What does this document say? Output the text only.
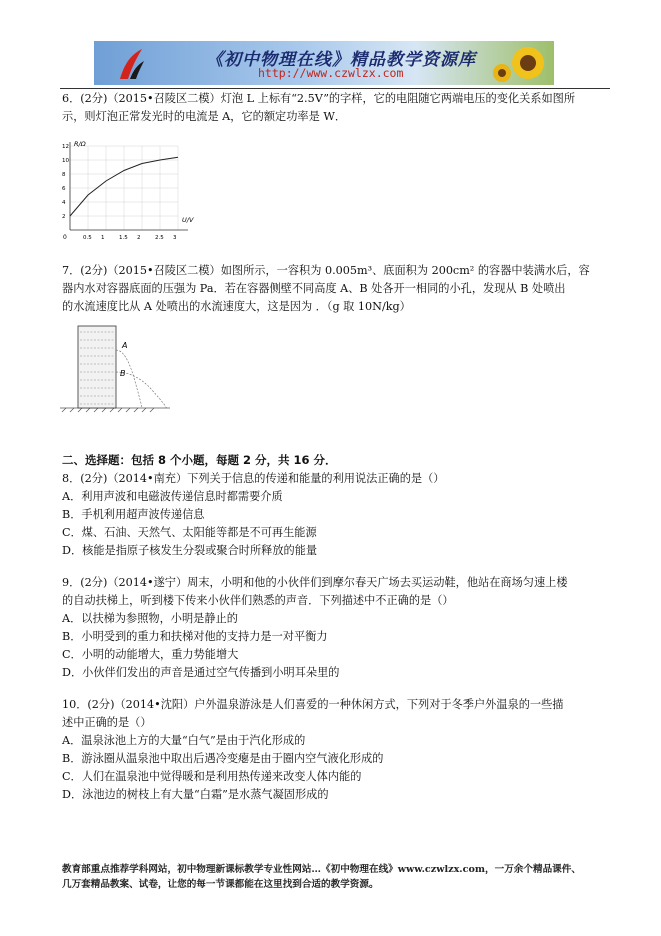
《初中物理在线》精品教学资源库
http://www.czwlzx.com

6．(2分)（2015•召陵区二模）灯泡 L 上标有“2.5V”的字样，它的电阻随它两端电压的变化关系如图所

示，则灯泡正常发光时的电流是 A，它的额定功率是 W．

0.5 1	1.5 2	2.5 3
2
4
6
8
10
12
0
U/V
R/Ω

7．(2分)（2015•召陵区二模）如图所示，一容积为 0.005m³、底面积为 200cm² 的容器中装满水后，容

器内水对容器底面的压强为 Pa．若在容器侧壁不同高度 A、B 处各开一相同的小孔，发现从 B 处喷出

的水流速度比从 A 处喷出的水流速度大，这是因为 ．（g 取 10N/kg）

A
B
二、选择题：包括 8 个小题，每题 2 分，共 16 分．

8．(2分)（2014•南充）下列关于信息的传递和能量的利用说法正确的是（）

A．利用声波和电磁波传递信息时都需要介质

B．手机利用超声波传递信息

C．煤、石油、天然气、太阳能等都是不可再生能源

D．核能是指原子核发生分裂或聚合时所释放的能量

9．(2分)（2014•遂宁）周末，小明和他的小伙伴们到摩尔春天广场去买运动鞋，他站在商场匀速上楼

的自动扶梯上，听到楼下传来小伙伴们熟悉的声音．下列描述中不正确的是（）

A．以扶梯为参照物，小明是静止的

B．小明受到的重力和扶梯对他的支持力是一对平衡力

C．小明的动能增大，重力势能增大

D．小伙伴们发出的声音是通过空气传播到小明耳朵里的

10．(2分)（2014•沈阳）户外温泉游泳是人们喜爱的一种休闲方式，下列对于冬季户外温泉的一些描

述中正确的是（）

A．温泉泳池上方的大量“白气”是由于汽化形成的

B．游泳圈从温泉池中取出后遇冷变瘪是由于圈内空气液化形成的

C．人们在温泉池中觉得暖和是利用热传递来改变人体内能的

D．泳池边的树枝上有大量“白霜”是水蒸气凝固形成的

教育部重点推荐学科网站，初中物理新课标教学专业性网站…《初中物理在线》www.czwlzx.com，一万余个精品课件、
几万套精品教案、试卷，让您的每一节课都能在这里找到合适的教学资源。
